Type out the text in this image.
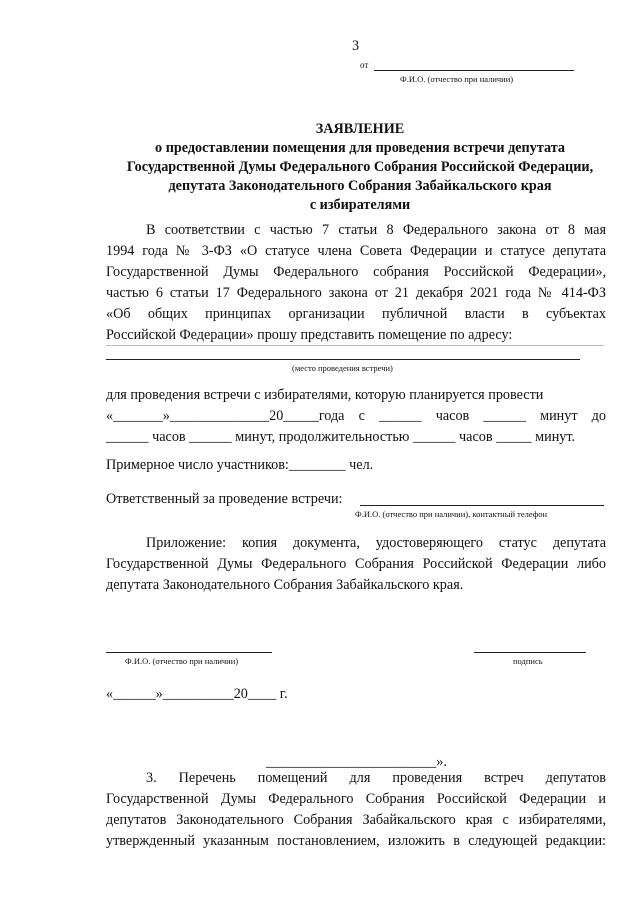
3
от
Ф.И.О. (отчество при наличии)
ЗАЯВЛЕНИЕ
о предоставлении помещения для проведения встречи депутата
Государственной Думы Федерального Собрания Российской Федерации,
депутата Законодательного Собрания Забайкальского края
с избирателями
В соответствии с частью 7 статьи 8 Федерального закона от 8 мая
1994 года № 3-ФЗ «О статусе члена Совета Федерации и статусе депутата
Государственной Думы Федерального собрания Российской Федерации»,
частью 6 статьи 17 Федерального закона от 21 декабря 2021 года № 414-ФЗ
«Об общих принципах организации публичной власти в субъектах
Российской Федерации» прошу представить помещение по адресу:
(место проведения встречи)
для проведения встречи с избирателями, которую планируется провести
«_______»______________20_____года с ______ часов ______ минут до
______ часов ______ минут, продолжительностью ______ часов _____ минут.
Примерное число участников:________ чел.
Ответственный за проведение встречи:
Ф.И.О. (отчество при наличии), контактный телефон
Приложение: копия документа, удостоверяющего статус депутата
Государственной Думы Федерального Собрания Российской Федерации либо
депутата Законодательного Собрания Забайкальского края.
Ф.И.О. (отчество при наличии)	подпись
«______»__________20____ г.
________________________».
3. Перечень помещений для проведения встреч депутатов
Государственной Думы Федерального Собрания Российской Федерации и
депутатов Законодательного Собрания Забайкальского края с избирателями,
утвержденный указанным постановлением, изложить в следующей редакции:
